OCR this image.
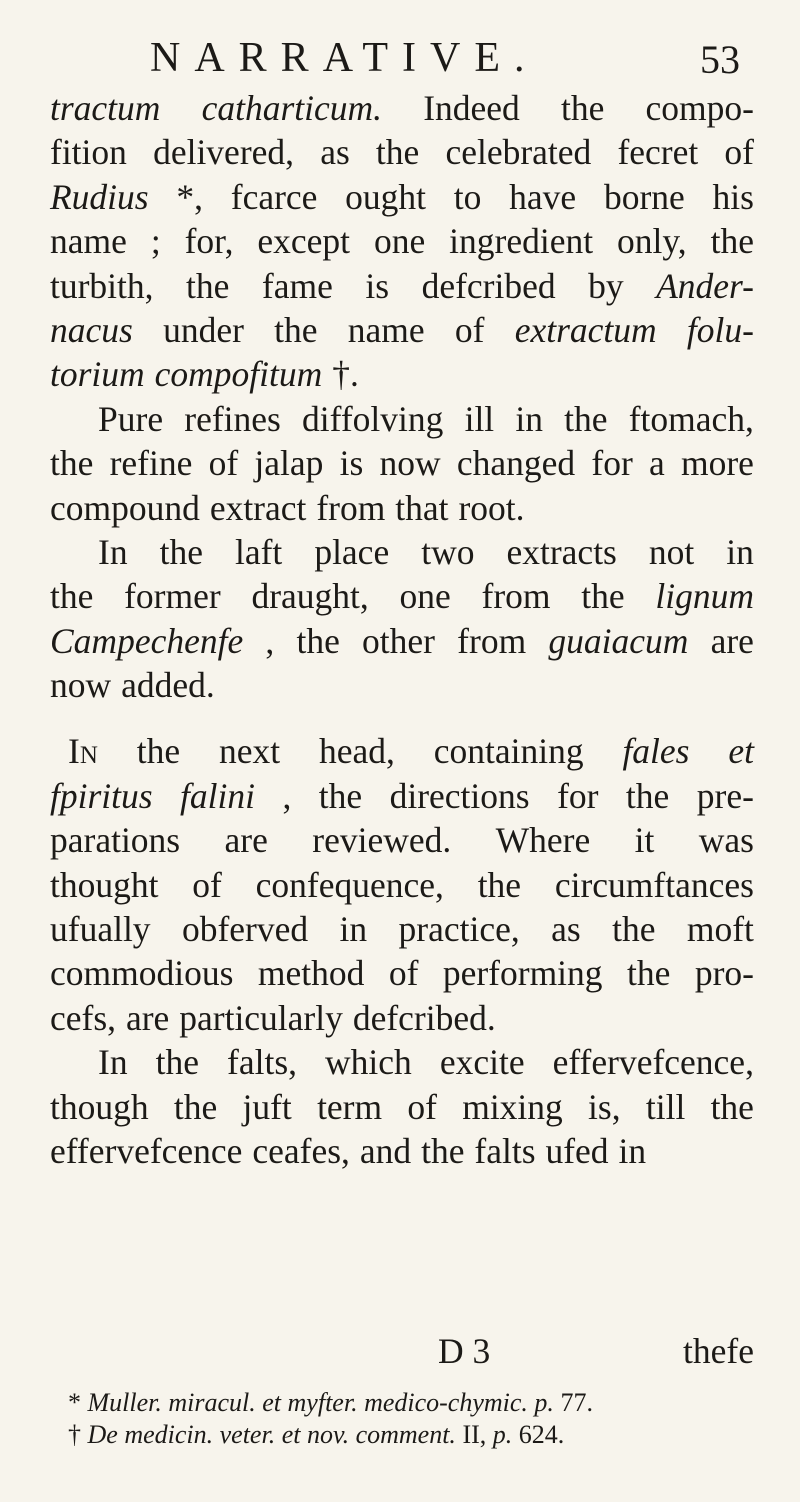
NARRATIVE.	53
tractum catharticum. Indeed the compo-
fition delivered, as the celebrated fecret of
Rudius *, fcarce ought to have borne his
name ; for, except one ingredient only, the
turbith, the fame is defcribed by Ander-
nacus under the name of extractum folu-
torium compofitum †.
Pure refines diffolving ill in the ftomach,
the refine of jalap is now changed for a more
compound extract from that root.
In the laft place two extracts not in
the former draught, one from the lignum
Campechenfe , the other from guaiacum are
now added.
In the next head, containing fales et
fpiritus falini , the directions for the pre-
parations are reviewed. Where it was
thought of confequence, the circumftances
ufually obferved in practice, as the moft
commodious method of performing the pro-
cefs, are particularly defcribed.
In the falts, which excite effervefcence,
though the juft term of mixing is, till the
effervefcence ceafes, and the falts ufed in
D 3	thefe
* Muller. miracul. et myfter. medico-chymic. p. 77.
† De medicin. veter. et nov. comment. II, p. 624.
